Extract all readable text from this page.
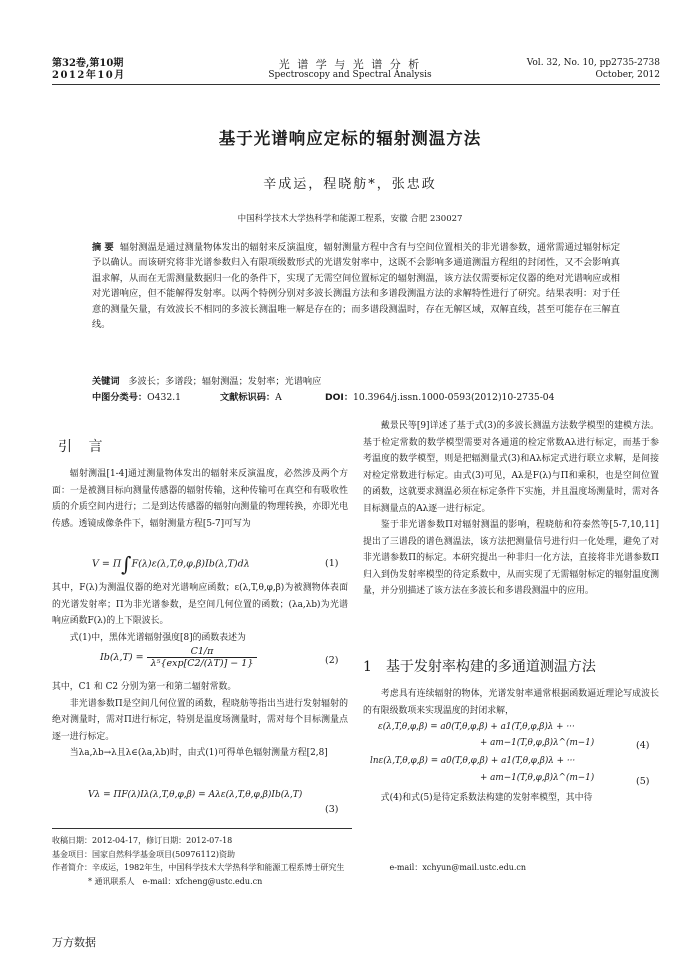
第32卷,第10期
2012年10月
光 谱 学 与 光 谱 分 析
Spectroscopy and Spectral Analysis
Vol. 32, No. 10, pp2735-2738
October, 2012
基于光谱响应定标的辐射测温方法
辛成运，程晓舫*，张忠政
中国科学技术大学热科学和能源工程系，安徽 合肥 230027
摘 要 辐射测温是通过测量物体发出的辐射来反演温度，辐射测量方程中含有与空间位置相关的非光谱参数，通常需通过辐射标定予以确认。而该研究将非光谱参数归入有限项级数形式的光谱发射率中，这既不会影响多通道测温方程组的封闭性，又不会影响真温求解，从而在无需测量数据归一化的条件下，实现了无需空间位置标定的辐射测温，该方法仅需要标定仪器的绝对光谱响应或相对光谱响应，但不能解得发射率。以两个特例分别对多波长测温方法和多谱段测温方法的求解特性进行了研究。结果表明：对于任意的测量矢量，有效波长不相同的多波长测温唯一解是存在的；而多谱段测温时，存在无解区域，双解直线，甚至可能存在三解直线。
关键词 多波长；多谱段；辐射测温；发射率；光谱响应
中图分类号：O432.1	文献标识码：A	DOI：10.3964/j.issn.1000-0593(2012)10-2735-04
引 言

辐射测温[1-4]通过测量物体发出的辐射来反演温度，必然涉及两个方面：一是被测目标向测量传感器的辐射传输，这种传输可在真空和有吸收性质的介质空间内进行；二是到达传感器的辐射向测量的物理转换，亦即光电传感。透镜成像条件下，辐射测量方程[5-7]可写为

V = Π∫F(λ)ε(λ,T,θ,φ,β)Ib(λ,T)dλ	(1)

其中，F(λ)为测温仪器的绝对光谱响应函数；ε(λ,T,θ,φ,β)为被测物体表面的光谱发射率；Π为非光谱参数，是空间几何位置的函数；(λa,λb)为光谱响应函数F(λ)的上下限波长。

式(1)中，黑体光谱辐射强度[8]的函数表述为

$Ib(\lambda,T) = \frac{C1/\pi}{\text{λ⁵\{exp[C2/(λT)] − 1\}}}$	(2)

其中，C1 和 C2 分别为第一和第二辐射常数。

非光谱参数Π是空间几何位置的函数，程晓舫等指出当进行发射辐射的绝对测量时，需对Π进行标定，特别是温度场测量时，需对每个目标测量点逐一进行标定。

当λa,λb→λ且λ∈(λa,λb)时，由式(1)可得单色辐射测量方程[2,8]

Vλ = ΠF(λ)Iλ(λ,T,θ,φ,β) = Aλε(λ,T,θ,φ,β)Ib(λ,T)
(3)

戴景民等[9]详述了基于式(3)的多波长测温方法数学模型的建模方法。基于检定常数的数学模型需要对各通道的检定常数Aλ进行标定，而基于参考温度的数学模型，则是把辐测量式(3)和Aλ标定式进行联立求解，是间接对检定常数进行标定。由式(3)可见，Aλ是F(λ)与Π和乘积，也是空间位置的函数，这就要求测温必须在标定条件下实施，并且温度场测量时，需对各目标测量点的Aλ逐一进行标定。

鉴于非光谱参数Π对辐射测温的影响，程晓舫和符泰然等[5-7,10,11]提出了三谱段的谱色测温法，该方法把测量信号进行归一化处理，避免了对非光谱参数Π的标定。本研究提出一种非归一化方法，直接将非光谱参数Π归入到伪发射率模型的待定系数中，从而实现了无需辐射标定的辐射温度测量，并分别描述了该方法在多波长和多谱段测温中的应用。

1　基于发射率构建的多通道测温方法

考虑具有连续辐射的物体，光谱发射率通常根据函数逼近理论写成波长的有限级数项来实现温度的封闭求解，

ε(λ,T,θ,φ,β) = a0(T,θ,φ,β) + a1(T,θ,φ,β)λ + ···
+ am−1(T,θ,φ,β)λ^(m−1)	(4)
lnε(λ,T,θ,φ,β) = a0(T,θ,φ,β) + a1(T,θ,φ,β)λ + ···
+ am−1(T,θ,φ,β)λ^(m−1)	(5)

式(4)和式(5)是待定系数法构建的发射率模型，其中待

收稿日期：2012-04-17，修订日期：2012-07-18
基金项目：国家自然科学基金项目(50976112)资助
作者简介：辛成运，1982年生，中国科学技术大学热科学和能源工程系博士研究生	e-mail：xchyun@mail.ustc.edu.cn
* 通讯联系人　e-mail：xfcheng@ustc.edu.cn
万方数据
